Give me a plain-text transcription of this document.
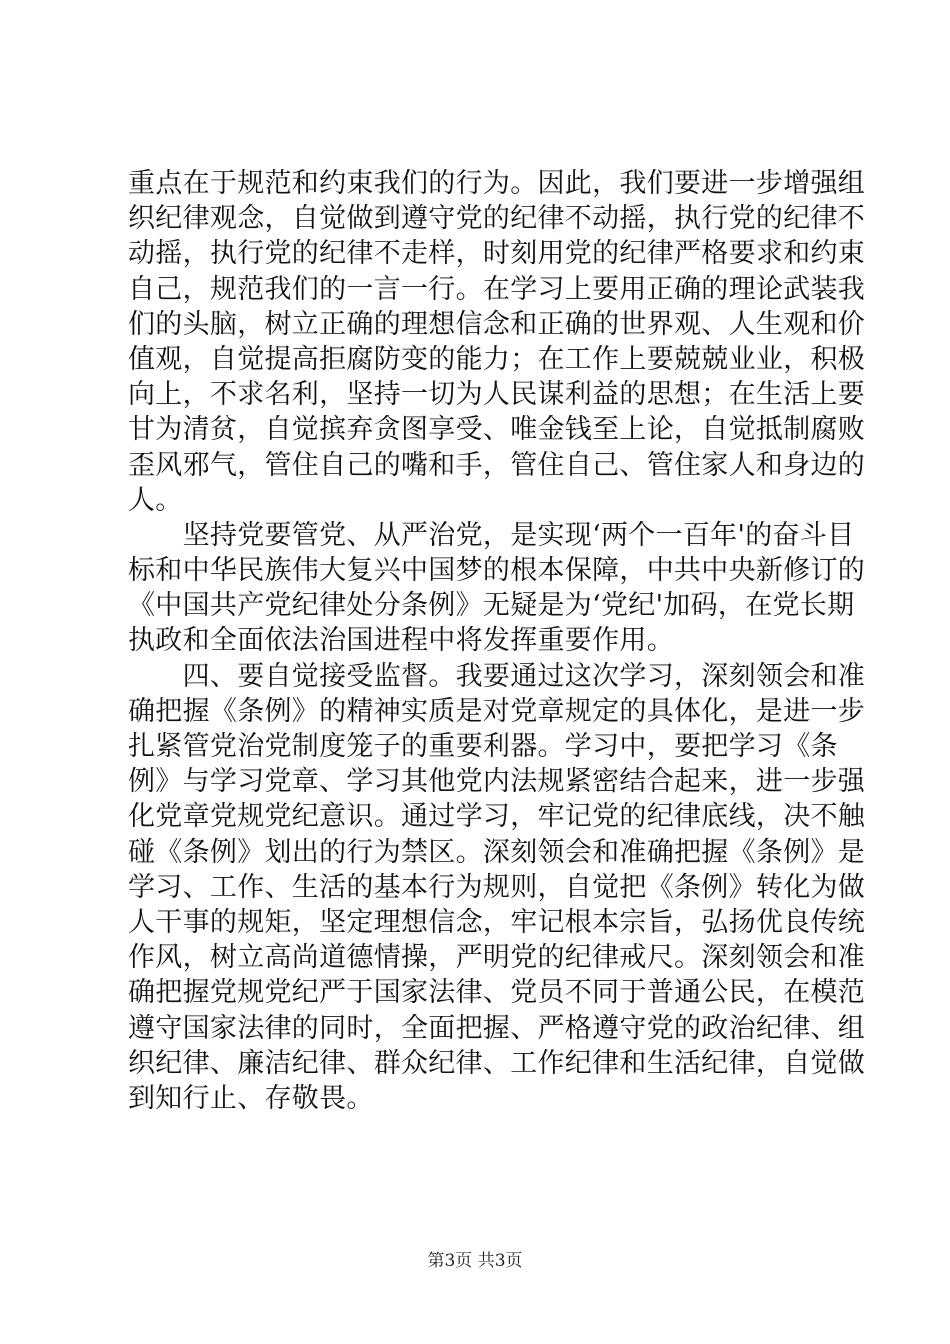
重点在于规范和约束我们的行为。因此，我们要进一步增强组
织纪律观念，自觉做到遵守党的纪律不动摇，执行党的纪律不
动摇，执行党的纪律不走样，时刻用党的纪律严格要求和约束
自己，规范我们的一言一行。在学习上要用正确的理论武装我
们的头脑，树立正确的理想信念和正确的世界观、人生观和价
值观，自觉提高拒腐防变的能力；在工作上要兢兢业业，积极
向上，不求名利，坚持一切为人民谋利益的思想；在生活上要
甘为清贫，自觉摈弃贪图享受、唯金钱至上论，自觉抵制腐败
歪风邪气，管住自己的嘴和手，管住自己、管住家人和身边的
人。
　　坚持党要管党、从严治党，是实现‘两个一百年'的奋斗目
标和中华民族伟大复兴中国梦的根本保障，中共中央新修订的
《中国共产党纪律处分条例》无疑是为‘党纪'加码，在党长期
执政和全面依法治国进程中将发挥重要作用。
　　四、要自觉接受监督。我要通过这次学习，深刻领会和准
确把握《条例》的精神实质是对党章规定的具体化，是进一步
扎紧管党治党制度笼子的重要利器。学习中，要把学习《条
例》与学习党章、学习其他党内法规紧密结合起来，进一步强
化党章党规党纪意识。通过学习，牢记党的纪律底线，决不触
碰《条例》划出的行为禁区。深刻领会和准确把握《条例》是
学习、工作、生活的基本行为规则，自觉把《条例》转化为做
人干事的规矩，坚定理想信念，牢记根本宗旨，弘扬优良传统
作风，树立高尚道德情操，严明党的纪律戒尺。深刻领会和准
确把握党规党纪严于国家法律、党员不同于普通公民，在模范
遵守国家法律的同时，全面把握、严格遵守党的政治纪律、组
织纪律、廉洁纪律、群众纪律、工作纪律和生活纪律，自觉做
到知行止、存敬畏。
第3页 共3页
